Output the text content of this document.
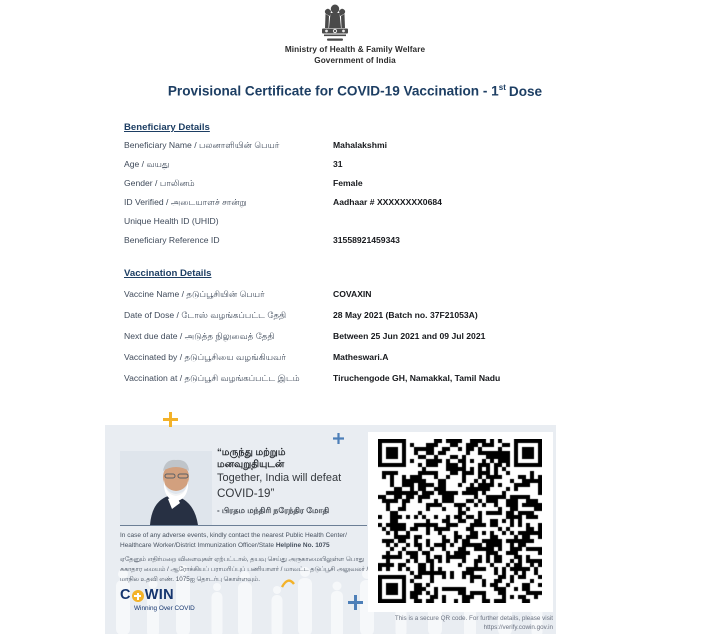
Ministry of Health & Family Welfare
Government of India
Provisional Certificate for COVID-19 Vaccination - 1st Dose
Beneficiary Details
Beneficiary Name / பலனாளியின் பெயர்	Mahalakshmi
Age / வயது	31
Gender / பாலினம்	Female
ID Verified / அடையாளச் சான்று	Aadhaar # XXXXXXXX0684
Unique Health ID (UHID)
Beneficiary Reference ID	31558921459343
Vaccination Details
Vaccine Name / தடுப்பூசியின் பெயர்	COVAXIN
Date of Dose / டோஸ் வழங்கப்பட்ட தேதி	28 May 2021 (Batch no. 37F21053A)
Next due date / அடுத்த நிலுவைத் தேதி	Between 25 Jun 2021 and 09 Jul 2021
Vaccinated by / தடுப்பூசியை வழங்கியவர்	Matheswari.A
Vaccination at / தடுப்பூசி வழங்கப்பட்ட இடம்	Tiruchengode GH, Namakkal, Tamil Nadu
“மருந்து மற்றும்
மனவுறுதியுடன்
Together, India will defeat
COVID-19”
- பிரதம மந்திரி நரேந்திர மோதி
In case of any adverse events, kindly contact the nearest Public Health Center/
Healthcare Worker/District Immunization Officer/State Helpline No. 1075
ஏதேனும் எதிர்மறை விளைவுகள் ஏற்பட்டால், தயவு செய்து அருகாமையிலுள்ள பொது சுகாதார மையம் / ஆரோக்கியப் பராமரிப்புப் பணியாளர் / மாவட்ட தடுப்பூசி அலுவலர் / மாநில உதவி எண். 1075ஐ தொடர்பு கொள்ளவும்.
C WIN
Winning Over COVID
This is a secure QR code. For further details, please visit
https://verify.cowin.gov.in
